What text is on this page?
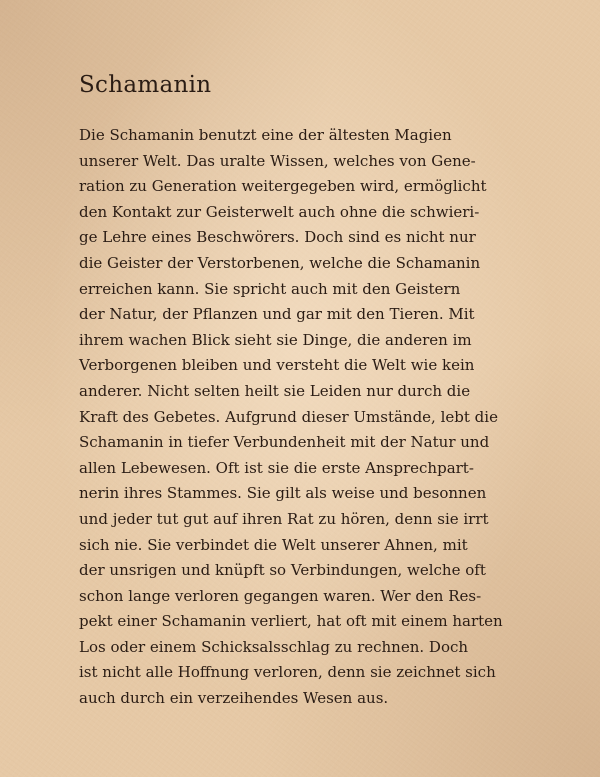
Schamanin
Die Schamanin benutzt eine der ältesten Magien
unserer Welt. Das uralte Wissen, welches von Gene-
ration zu Generation weitergegeben wird, ermöglicht
den Kontakt zur Geisterwelt auch ohne die schwieri-
ge Lehre eines Beschwörers. Doch sind es nicht nur
die Geister der Verstorbenen, welche die Schamanin
erreichen kann. Sie spricht auch mit den Geistern
der Natur, der Pflanzen und gar mit den Tieren. Mit
ihrem wachen Blick sieht sie Dinge, die anderen im
Verborgenen bleiben und versteht die Welt wie kein
anderer. Nicht selten heilt sie Leiden nur durch die
Kraft des Gebetes. Aufgrund dieser Umstände, lebt die
Schamanin in tiefer Verbundenheit mit der Natur und
allen Lebewesen. Oft ist sie die erste Ansprechpart-
nerin ihres Stammes. Sie gilt als weise und besonnen
und jeder tut gut auf ihren Rat zu hören, denn sie irrt
sich nie. Sie verbindet die Welt unserer Ahnen, mit
der unsrigen und knüpft so Verbindungen, welche oft
schon lange verloren gegangen waren. Wer den Res-
pekt einer Schamanin verliert, hat oft mit einem harten
Los oder einem Schicksalsschlag zu rechnen. Doch
ist nicht alle Hoffnung verloren, denn sie zeichnet sich
auch durch ein verzeihendes Wesen aus.
